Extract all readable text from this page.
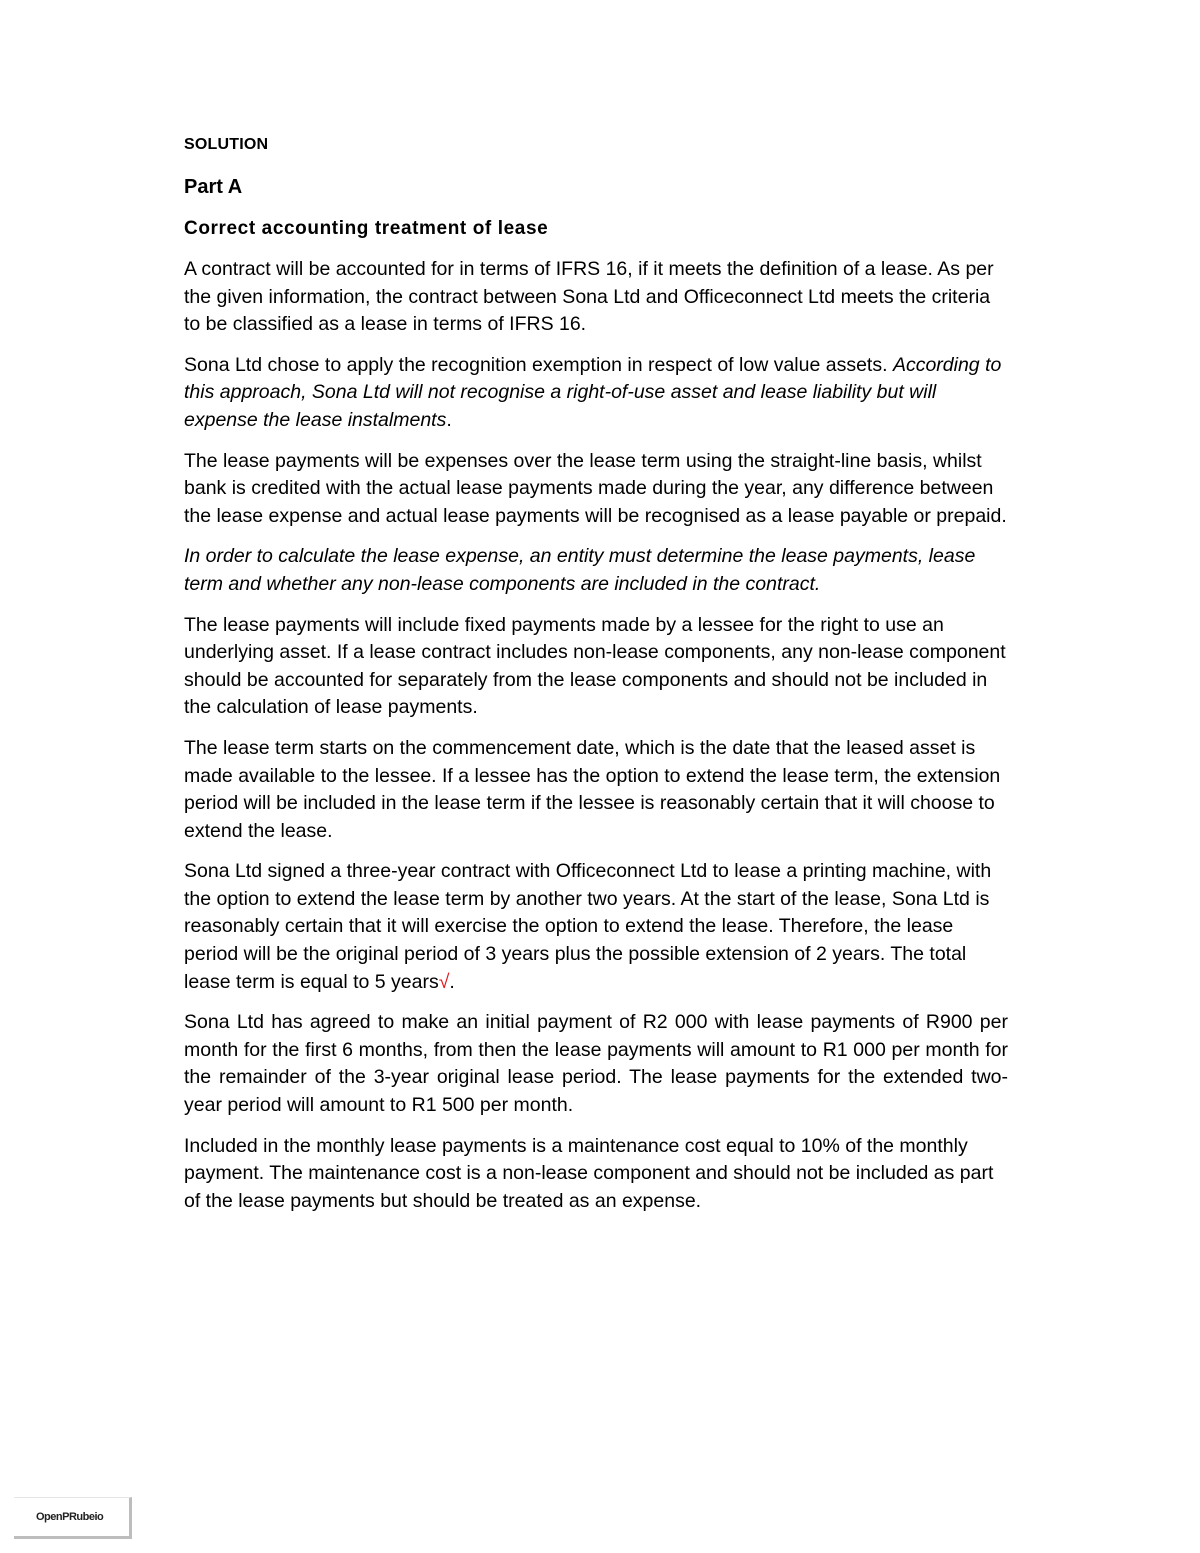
SOLUTION
Part A
Correct accounting treatment of lease

A contract will be accounted for in terms of IFRS 16, if it meets the definition of a lease. As per the given information, the contract between Sona Ltd and Officeconnect Ltd meets the criteria to be classified as a lease in terms of IFRS 16.

Sona Ltd chose to apply the recognition exemption in respect of low value assets. According to this approach, Sona Ltd will not recognise a right-of-use asset and lease liability but will expense the lease instalments.

The lease payments will be expenses over the lease term using the straight-line basis, whilst bank is credited with the actual lease payments made during the year, any difference between the lease expense and actual lease payments will be recognised as a lease payable or prepaid.

In order to calculate the lease expense, an entity must determine the lease payments, lease term and whether any non-lease components are included in the contract.

The lease payments will include fixed payments made by a lessee for the right to use an underlying asset. If a lease contract includes non-lease components, any non-lease component should be accounted for separately from the lease components and should not be included in the calculation of lease payments.

The lease term starts on the commencement date, which is the date that the leased asset is made available to the lessee. If a lessee has the option to extend the lease term, the extension period will be included in the lease term if the lessee is reasonably certain that it will choose to extend the lease.

Sona Ltd signed a three-year contract with Officeconnect Ltd to lease a printing machine, with the option to extend the lease term by another two years. At the start of the lease, Sona Ltd is reasonably certain that it will exercise the option to extend the lease. Therefore, the lease period will be the original period of 3 years plus the possible extension of 2 years. The total lease term is equal to 5 years√.

Sona Ltd has agreed to make an initial payment of R2 000 with lease payments of R900 per month for the first 6 months, from then the lease payments will amount to R1 000 per month for the remainder of the 3-year original lease period. The lease payments for the extended two-year period will amount to R1 500 per month.

Included in the monthly lease payments is a maintenance cost equal to 10% of the monthly payment. The maintenance cost is a non-lease component and should not be included as part of the lease payments but should be treated as an expense.

OpenPRubeio
